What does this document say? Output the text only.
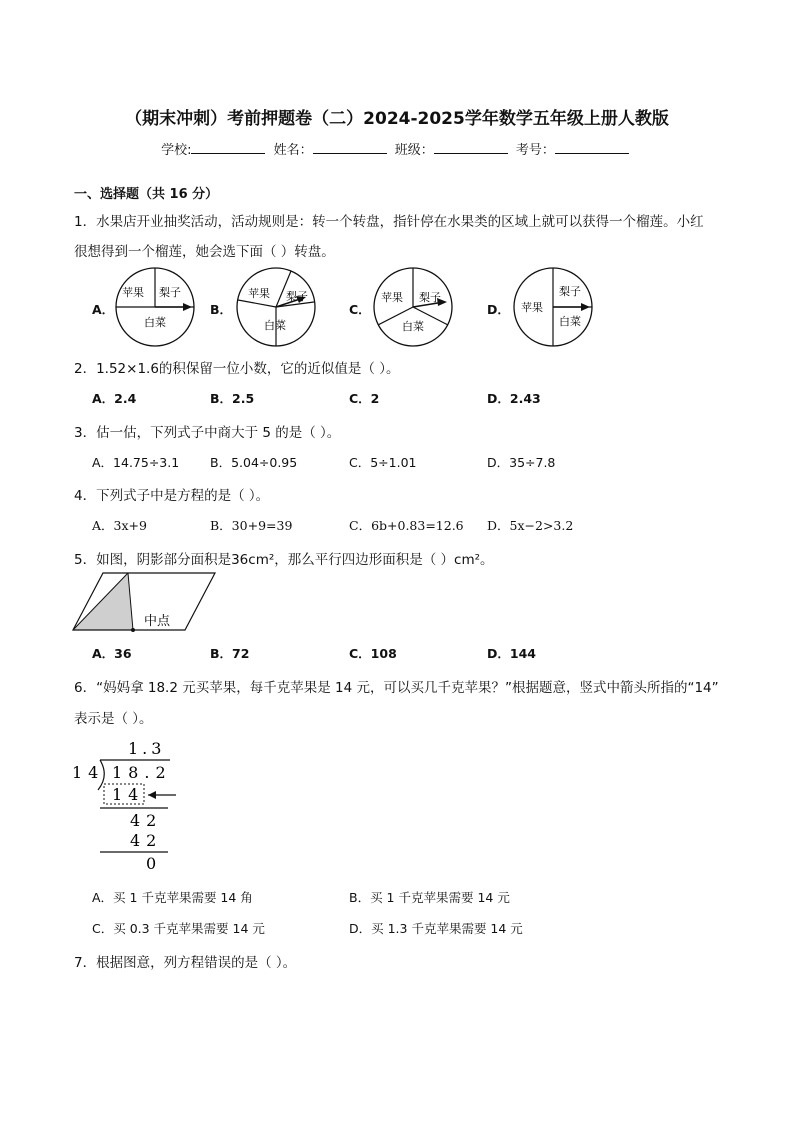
（期末冲刺）考前押题卷（二）2024-2025学年数学五年级上册人教版
学校:	姓名：	班级：	考号：
一、选择题（共 16 分）
1．水果店开业抽奖活动，活动规则是：转一个转盘，指针停在水果类的区域上就可以获得一个榴莲。小红
很想得到一个榴莲，她会选下面（ ）转盘。
A．	B．	C．	D．
苹果 梨子
白菜
苹果 梨子
白菜
苹果 梨子
白菜
苹果
梨子
白菜
2．1.52×1.6的积保留一位小数，它的近似值是（ ）。
A．2.4	B．2.5	C．2	D．2.43
3．估一估，下列式子中商大于 5 的是（ ）。
A．14.75÷3.1 B．5.04÷0.95	C．5÷1.01	D．35÷7.8
4．下列式子中是方程的是（ ）。
A．3x+9	B．30+9=39	C．6b+0.83=12.6 D．5x−2>3.2
5．如图，阴影部分面积是36cm²，那么平行四边形面积是（ ）cm²。
中点
A．36	B．72	C．108	D．144
6．“妈妈拿 18.2 元买苹果，每千克苹果是 14 元，可以买几千克苹果？”根据题意，竖式中箭头所指的“14”
表示是（ ）。
1.3
14 18.2
14
42
42
0
A．买 1 千克苹果需要 14 角	B．买 1 千克苹果需要 14 元
C．买 0.3 千克苹果需要 14 元	D．买 1.3 千克苹果需要 14 元
7．根据图意，列方程错误的是（ ）。
